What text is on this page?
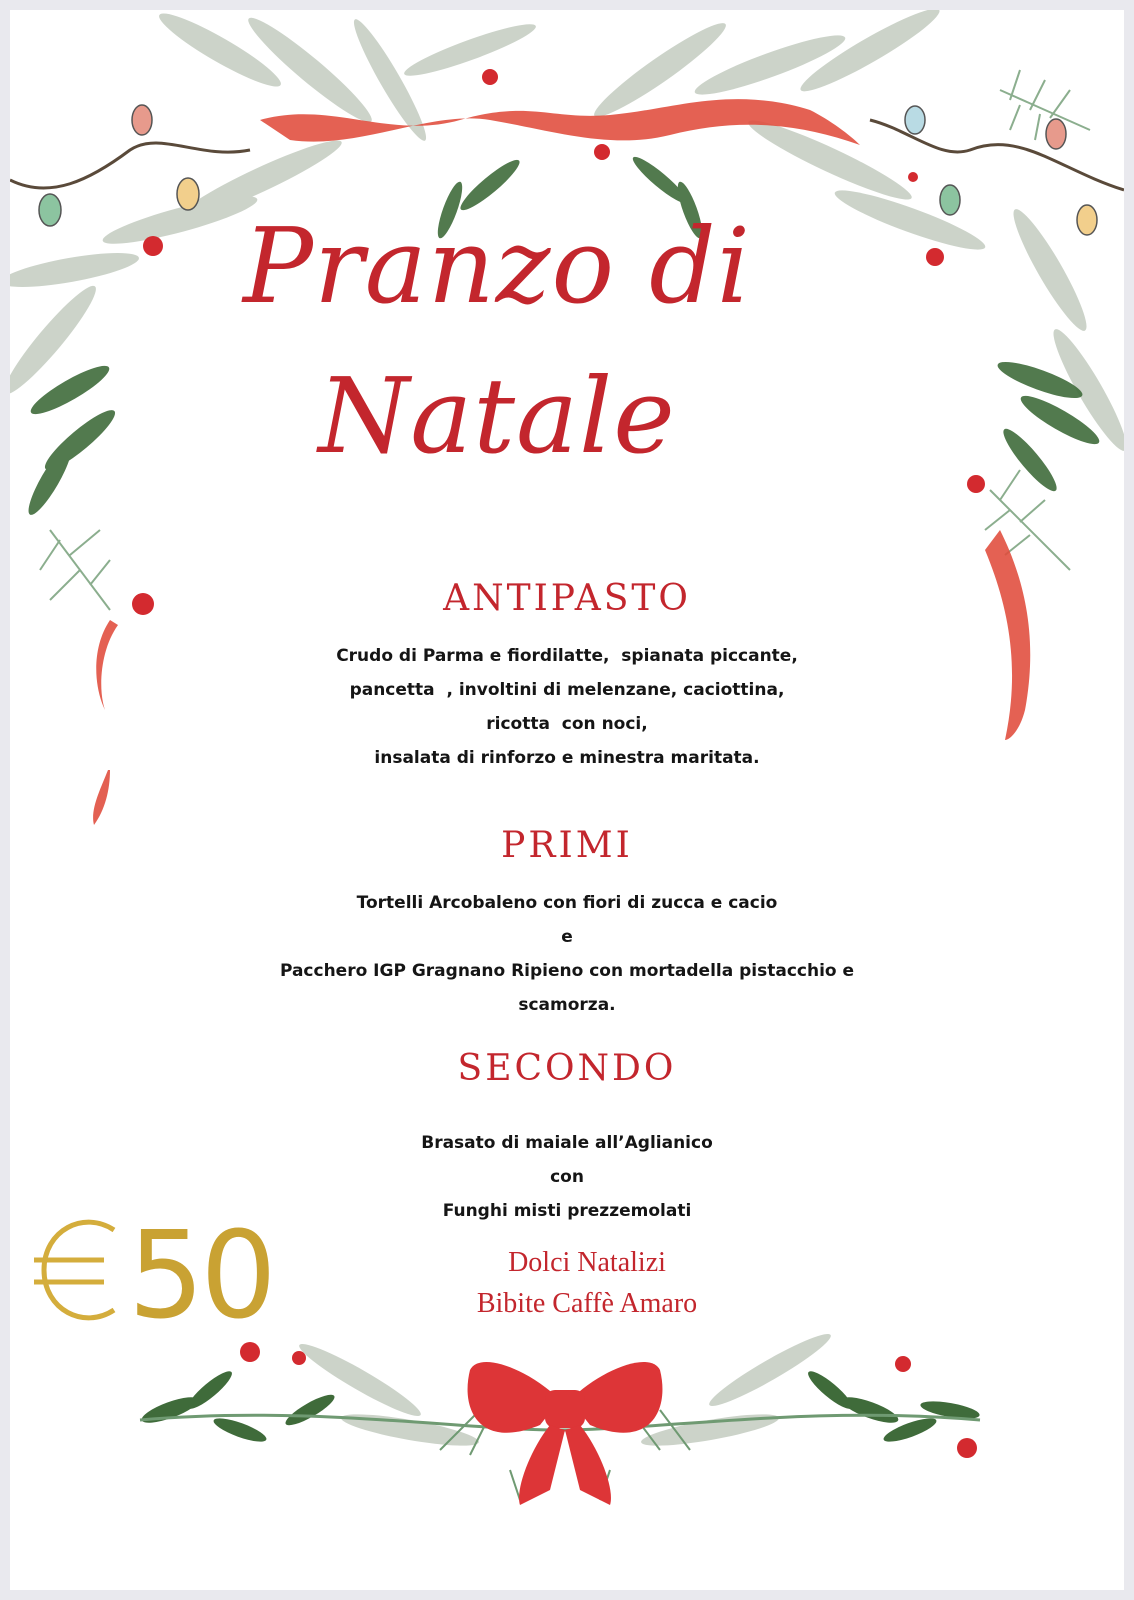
Pranzo di
Natale
ANTIPASTO
Crudo di Parma e fiordilatte,  spianata piccante,
pancetta  , involtini di melenzane, caciottina,
ricotta  con noci,
insalata di rinforzo e minestra maritata.
PRIMI
Tortelli Arcobaleno con fiori di zucca e cacio
e
Pacchero IGP Gragnano Ripieno con mortadella pistacchio e
scamorza.
SECONDO
Brasato di maiale all’Aglianico
con
Funghi misti prezzemolati
Dolci Natalizi
Bibite Caffè Amaro
50
